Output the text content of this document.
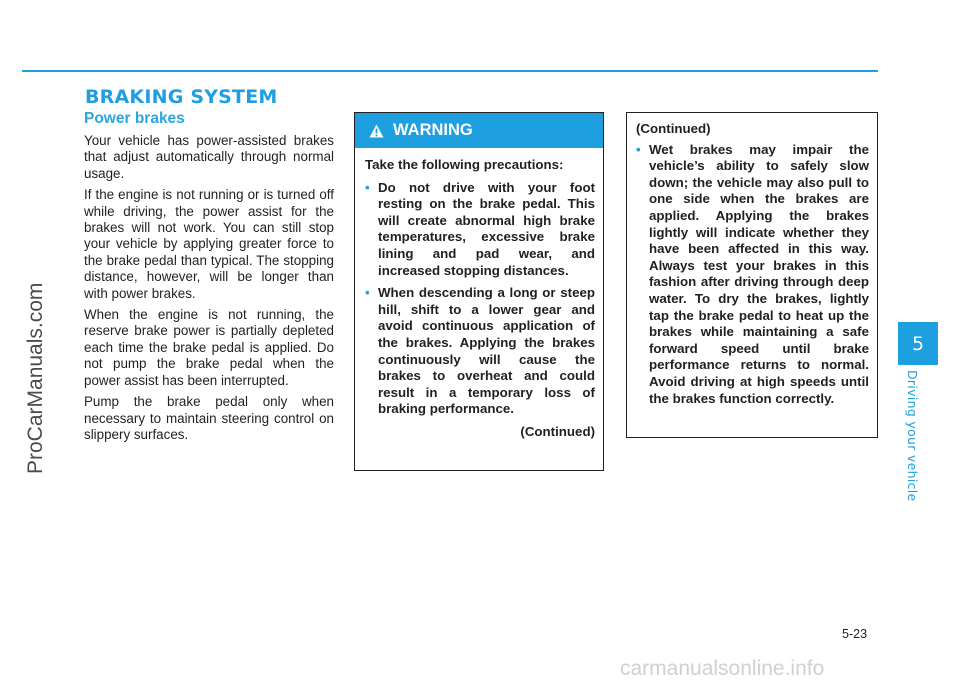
BRAKING SYSTEM
Power brakes

Your vehicle has power-assisted brakes that adjust automatically through normal usage.

If the engine is not running or is turned off while driving, the power assist for the brakes will not work. You can still stop your vehicle by applying greater force to the brake pedal than typical. The stopping distance, however, will be longer than with power brakes.

When the engine is not running, the reserve brake power is partially depleted each time the brake pedal is applied. Do not pump the brake pedal when the power assist has been interrupted.

Pump the brake pedal only when necessary to maintain steering control on slippery surfaces.

WARNING

Take the following precautions:

• Do not drive with your foot resting on the brake pedal. This will create abnormal high brake temperatures, excessive brake lining and pad wear, and increased stopping distances.
• When descending a long or steep hill, shift to a lower gear and avoid continuous application of the brakes. Applying the brakes continuously will cause the brakes to overheat and could result in a temporary loss of braking performance.

(Continued)

(Continued)

• Wet brakes may impair the vehicle’s ability to safely slow down; the vehicle may also pull to one side when the brakes are applied. Applying the brakes lightly will indicate whether they have been affected in this way. Always test your brakes in this fashion after driving through deep water. To dry the brakes, lightly tap the brake pedal to heat up the brakes while maintaining a safe forward speed until brake performance returns to normal. Avoid driving at high speeds until the brakes function correctly.
5
Driving your vehicle
5-23
ProCarManuals.com
carmanualsonline.info
